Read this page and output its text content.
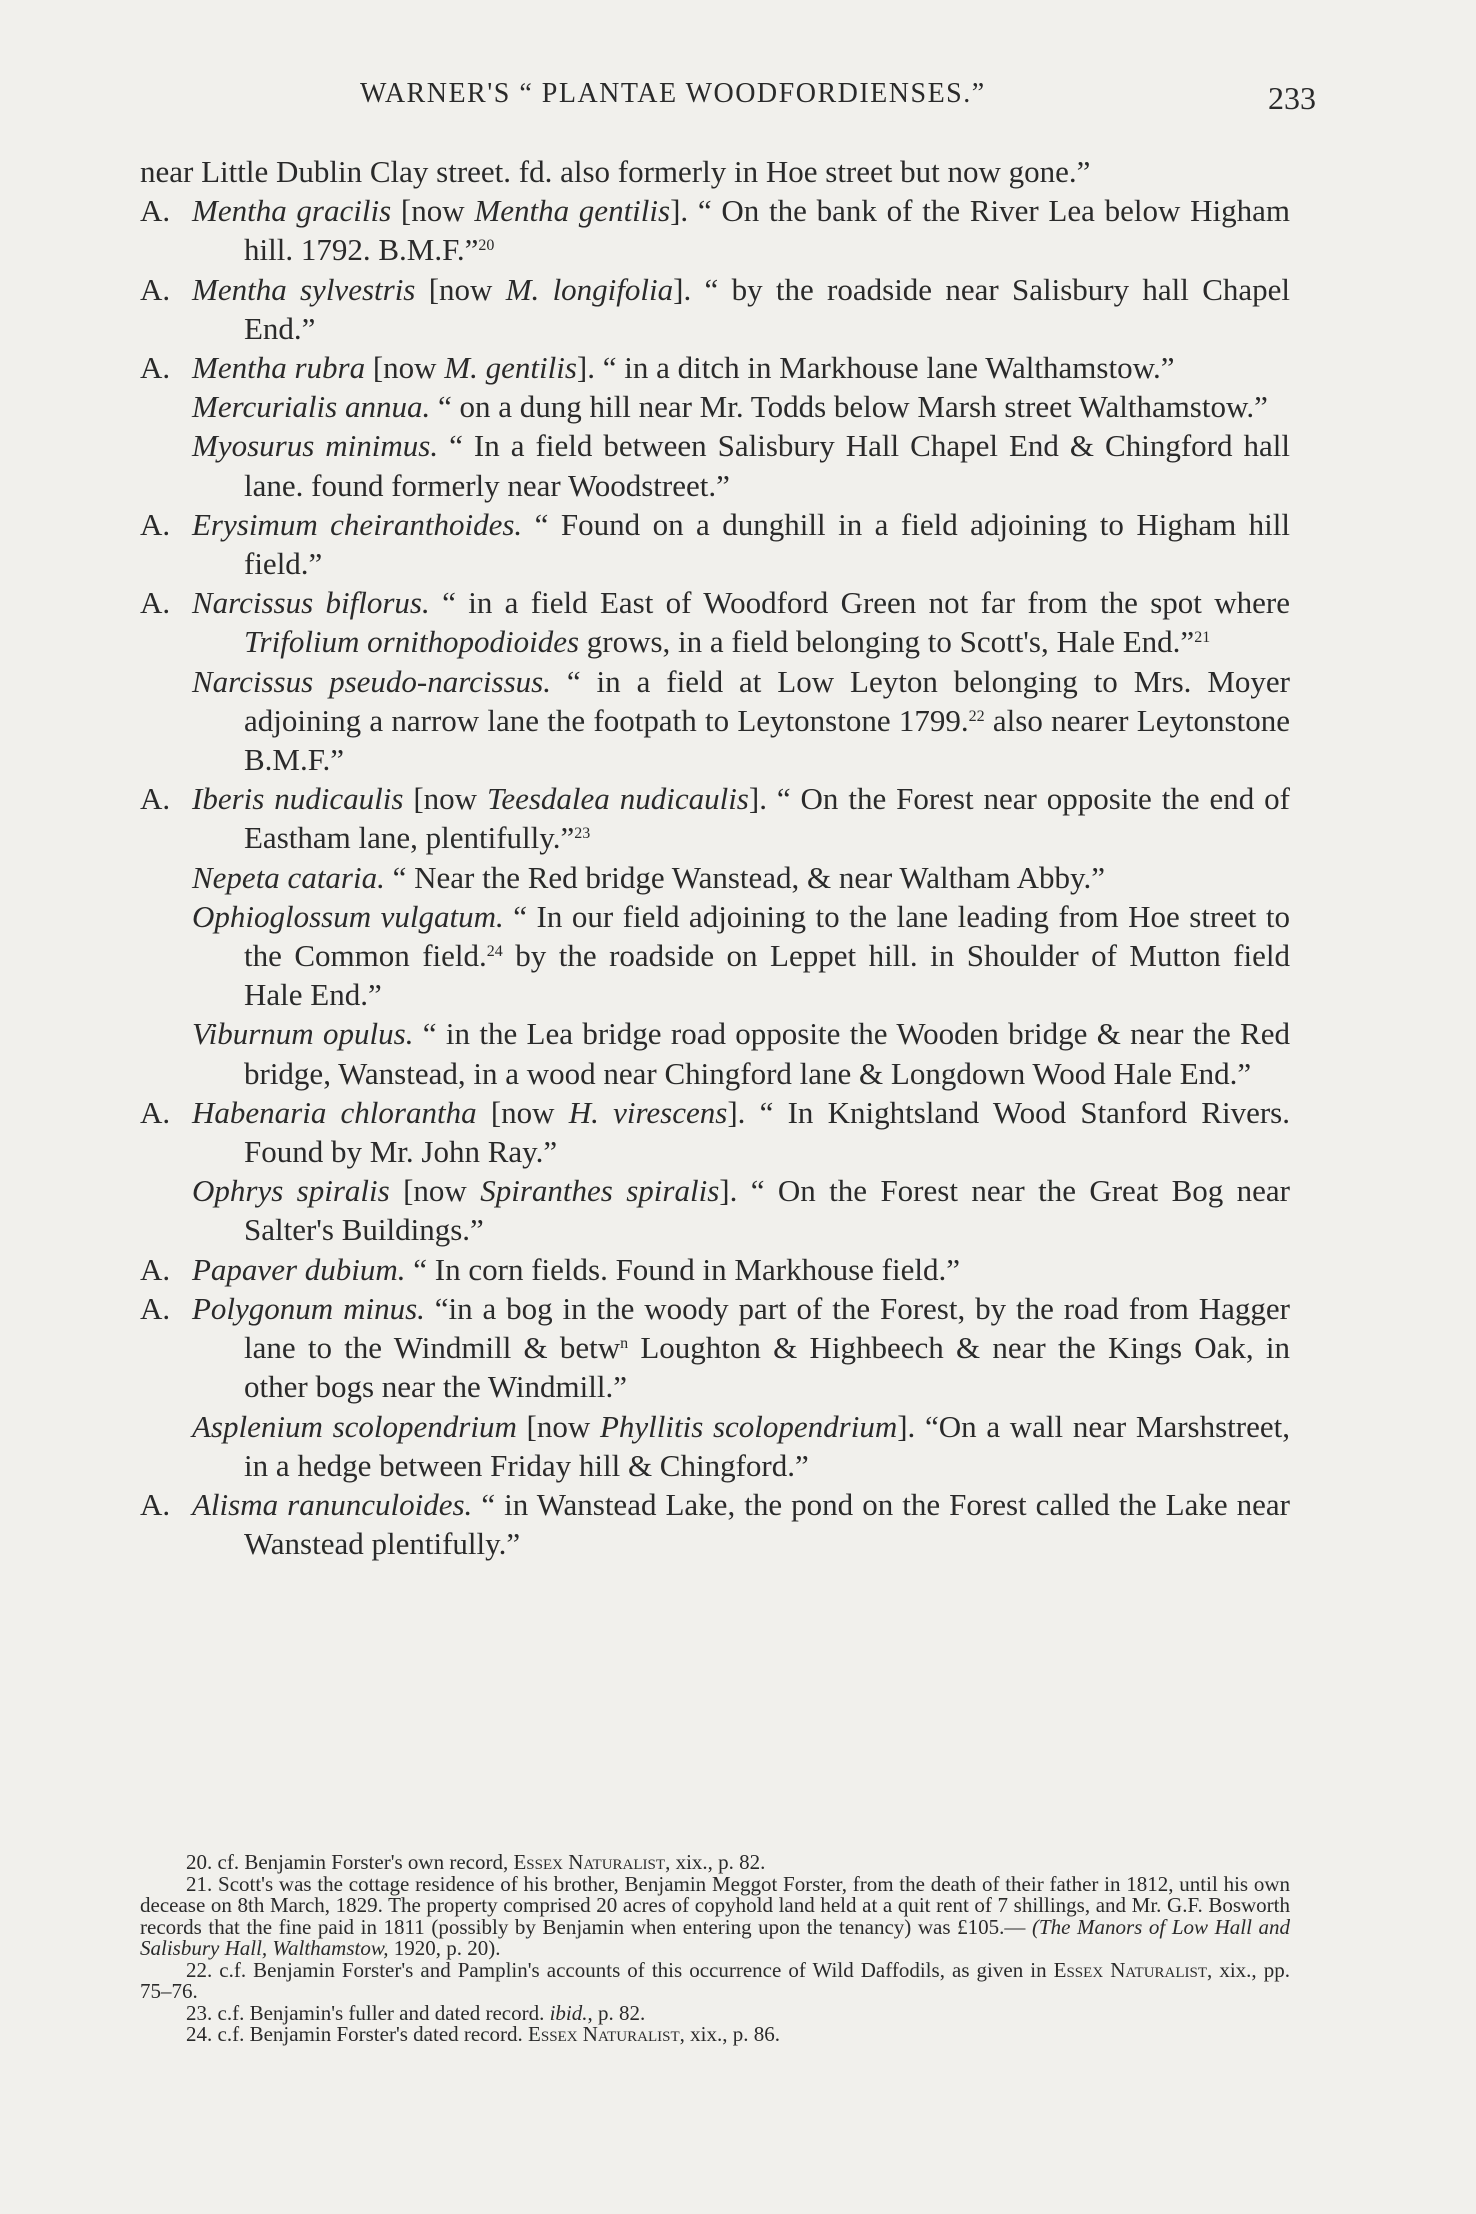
WARNER'S “ PLANTAE WOODFORDIENSES.”	233
near Little Dublin Clay street. fd. also formerly in Hoe street but now gone.”
A. Mentha gracilis [now Mentha gentilis]. “ On the bank of the River Lea below Higham hill. 1792. B.M.F.”$^{20}$
A. Mentha sylvestris [now M. longifolia]. “ by the roadside near Salisbury hall Chapel End.”
A. Mentha rubra [now M. gentilis]. “ in a ditch in Markhouse lane Walthamstow.”
Mercurialis annua. “ on a dung hill near Mr. Todds below Marsh street Walthamstow.”
Myosurus minimus. “ In a field between Salisbury Hall Chapel End & Chingford hall lane. found formerly near Woodstreet.”
A. Erysimum cheiranthoides. “ Found on a dunghill in a field adjoining to Higham hill field.”
A. Narcissus biflorus. “ in a field East of Woodford Green not far from the spot where Trifolium ornithopodioides grows, in a field belonging to Scott's, Hale End.”$^{21}$
Narcissus pseudo-narcissus. “ in a field at Low Leyton belonging to Mrs. Moyer adjoining a narrow lane the footpath to Leytonstone 1799.22 also nearer Leytonstone B.M.F.”
A. Iberis nudicaulis [now Teesdalea nudicaulis]. “ On the Forest near opposite the end of Eastham lane, plentifully.”$^{23}$
Nepeta cataria. “ Near the Red bridge Wanstead, & near Waltham Abby.”
Ophioglossum vulgatum. “ In our field adjoining to the lane leading from Hoe street to the Common field.$^{24}$ by the roadside on Leppet hill. in Shoulder of Mutton field Hale End.”
Viburnum opulus. “ in the Lea bridge road opposite the Wooden bridge & near the Red bridge, Wanstead, in a wood near Chingford lane & Longdown Wood Hale End.”
A. Habenaria chlorantha [now H. virescens]. “ In Knightsland Wood Stanford Rivers. Found by Mr. John Ray.”
Ophrys spiralis [now Spiranthes spiralis]. “ On the Forest near the Great Bog near Salter's Buildings.”
A. Papaver dubium. “ In corn fields. Found in Markhouse field.”
A. Polygonum minus. “in a bog in the woody part of the Forest, by the road from Hagger lane to the Windmill & betw$^n$ Loughton & Highbeech & near the Kings Oak, in other bogs near the Windmill.”
Asplenium scolopendrium [now Phyllitis scolopendrium]. “On a wall near Marshstreet, in a hedge between Friday hill & Chingford.”
A. Alisma ranunculoides. “ in Wanstead Lake, the pond on the Forest called the Lake near Wanstead plentifully.”
20. cf. Benjamin Forster's own record, Essex Naturalist, xix., p. 82.
21. Scott's was the cottage residence of his brother, Benjamin Meggot Forster, from the death of their father in 1812, until his own decease on 8th March, 1829. The property comprised 20 acres of copyhold land held at a quit rent of 7 shillings, and Mr. G.F. Bosworth records that the fine paid in 1811 (possibly by Benjamin when entering upon the tenancy) was £105.— (The Manors of Low Hall and Salisbury Hall, Walthamstow, 1920, p. 20).
22. c.f. Benjamin Forster's and Pamplin's accounts of this occurrence of Wild Daffodils, as given in Essex Naturalist, xix., pp. 75–76.
23. c.f. Benjamin's fuller and dated record. ibid., p. 82.
24. c.f. Benjamin Forster's dated record. Essex Naturalist, xix., p. 86.
